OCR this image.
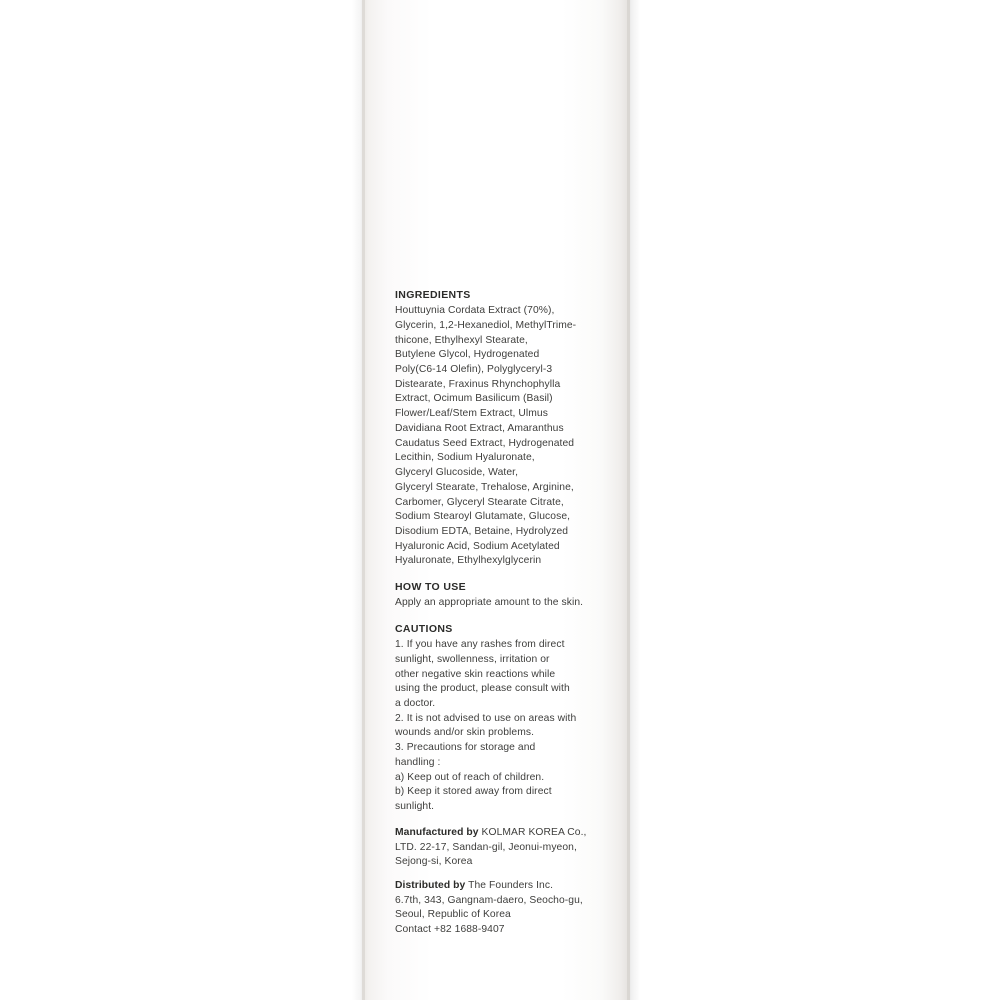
INGREDIENTS
Houttuynia Cordata Extract (70%),
Glycerin, 1,2-Hexanediol, MethylTrime-
thicone, Ethylhexyl Stearate,
Butylene Glycol, Hydrogenated
Poly(C6-14 Olefin), Polyglyceryl-3
Distearate, Fraxinus Rhynchophylla
Extract, Ocimum Basilicum (Basil)
Flower/Leaf/Stem Extract, Ulmus
Davidiana Root Extract, Amaranthus
Caudatus Seed Extract, Hydrogenated
Lecithin, Sodium Hyaluronate,
Glyceryl Glucoside, Water,
Glyceryl Stearate, Trehalose, Arginine,
Carbomer, Glyceryl Stearate Citrate,
Sodium Stearoyl Glutamate, Glucose,
Disodium EDTA, Betaine, Hydrolyzed
Hyaluronic Acid, Sodium Acetylated
Hyaluronate, Ethylhexylglycerin
HOW TO USE
Apply an appropriate amount to the skin.
CAUTIONS
1. If you have any rashes from direct
sunlight, swollenness, irritation or
other negative skin reactions while
using the product, please consult with
a doctor.
2. It is not advised to use on areas with
wounds and/or skin problems.
3. Precautions for storage and
handling :
a) Keep out of reach of children.
b) Keep it stored away from direct
sunlight.
Manufactured by KOLMAR KOREA Co.,
LTD. 22-17, Sandan-gil, Jeonui-myeon,
Sejong-si, Korea
Distributed by The Founders Inc.
6.7th, 343, Gangnam-daero, Seocho-gu,
Seoul, Republic of Korea
Contact +82 1688-9407
